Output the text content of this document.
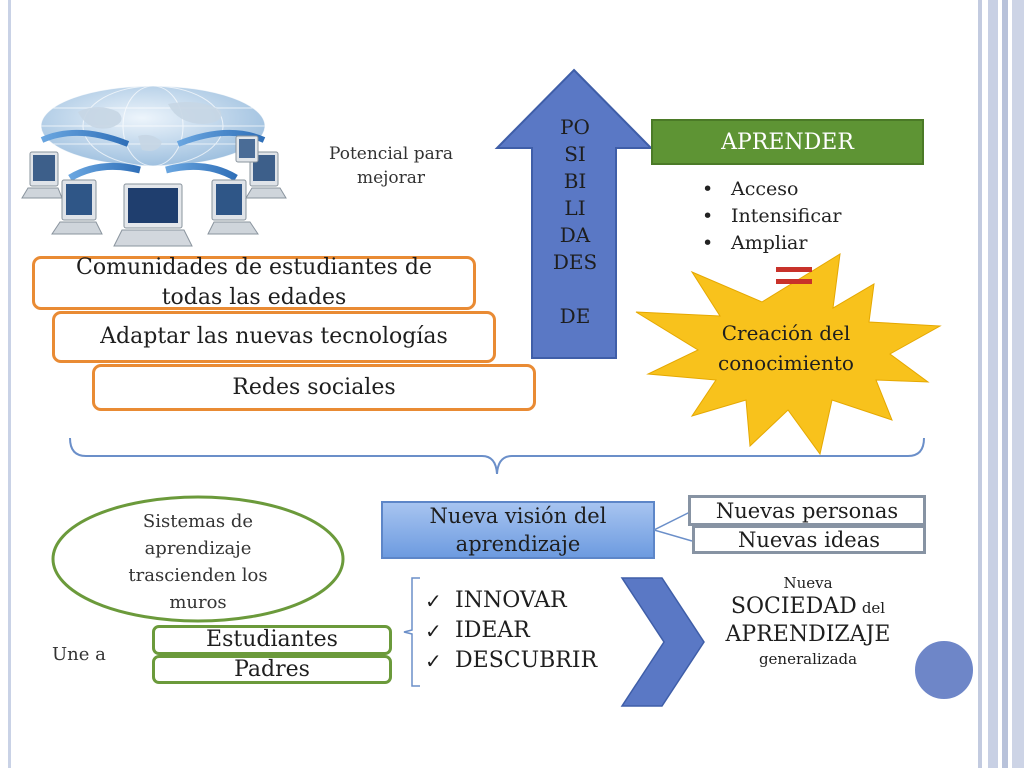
Potencial para
mejorar
PO
SI
BI
LI
DA
DES
DE
APRENDER
• Acceso
• Intensificar
• Ampliar
Creación del
conocimiento
Comunidades de estudiantes de
todas las edades
Adaptar las nuevas tecnologías
Redes sociales
Sistemas de
aprendizaje
trascienden los
muros
Une a
Estudiantes
Padres
Nueva visión del
aprendizaje
Nuevas personas
Nuevas ideas
✓ INNOVAR
✓ IDEAR
✓ DESCUBRIR
Nueva
SOCIEDAD del
APRENDIZAJE
generalizada
